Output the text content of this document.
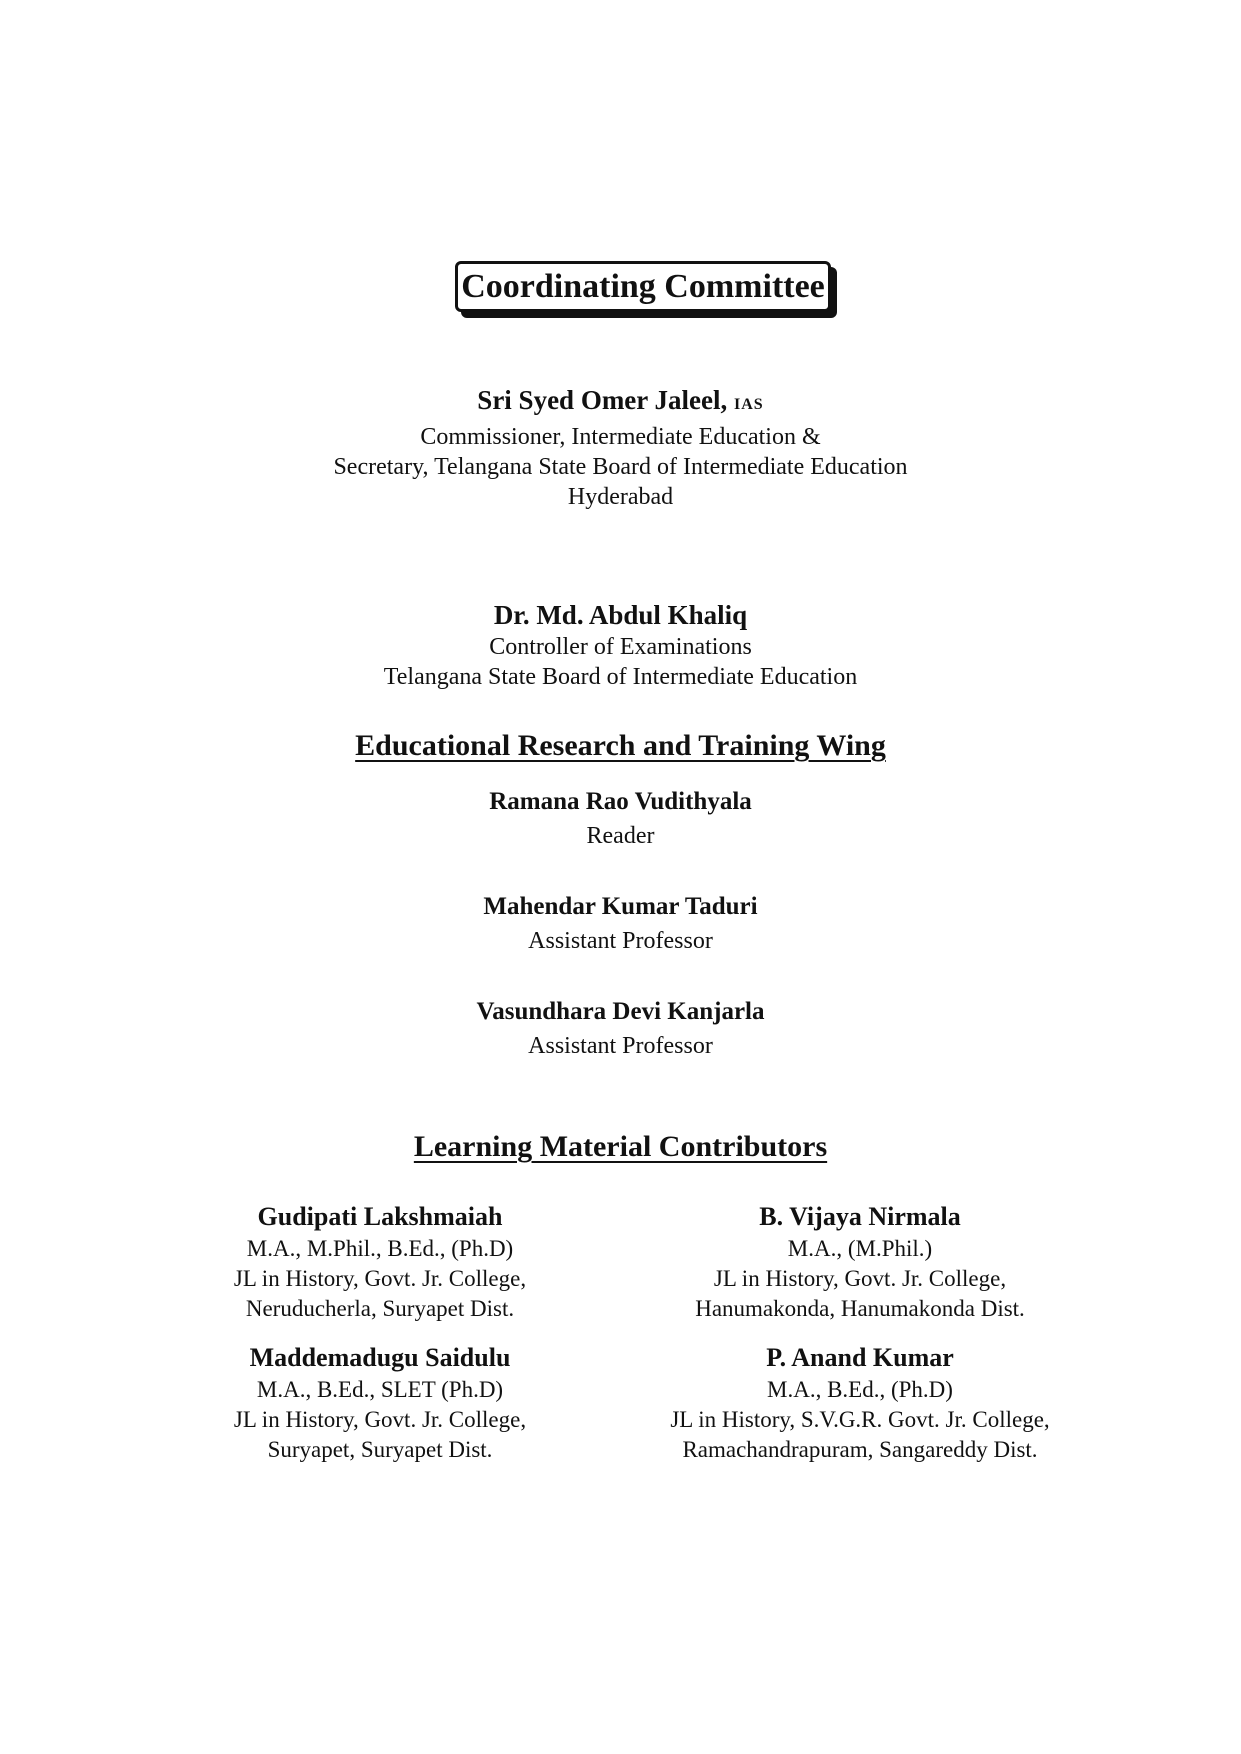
Coordinating Committee
Sri Syed Omer Jaleel, IAS
Commissioner, Intermediate Education &
Secretary, Telangana State Board of Intermediate Education
Hyderabad
Dr. Md. Abdul Khaliq
Controller of Examinations
Telangana State Board of Intermediate Education
Educational Research and Training Wing
Ramana Rao Vudithyala
Reader
Mahendar Kumar Taduri
Assistant Professor
Vasundhara Devi Kanjarla
Assistant Professor
Learning Material Contributors
Gudipati Lakshmaiah
M.A., M.Phil., B.Ed., (Ph.D)
JL in History, Govt. Jr. College,
Neruducherla, Suryapet Dist.
B. Vijaya Nirmala
M.A., (M.Phil.)
JL in History, Govt. Jr. College,
Hanumakonda, Hanumakonda Dist.
Maddemadugu Saidulu
M.A., B.Ed., SLET (Ph.D)
JL in History, Govt. Jr. College,
Suryapet, Suryapet Dist.
P. Anand Kumar
M.A., B.Ed., (Ph.D)
JL in History, S.V.G.R. Govt. Jr. College,
Ramachandrapuram, Sangareddy Dist.
